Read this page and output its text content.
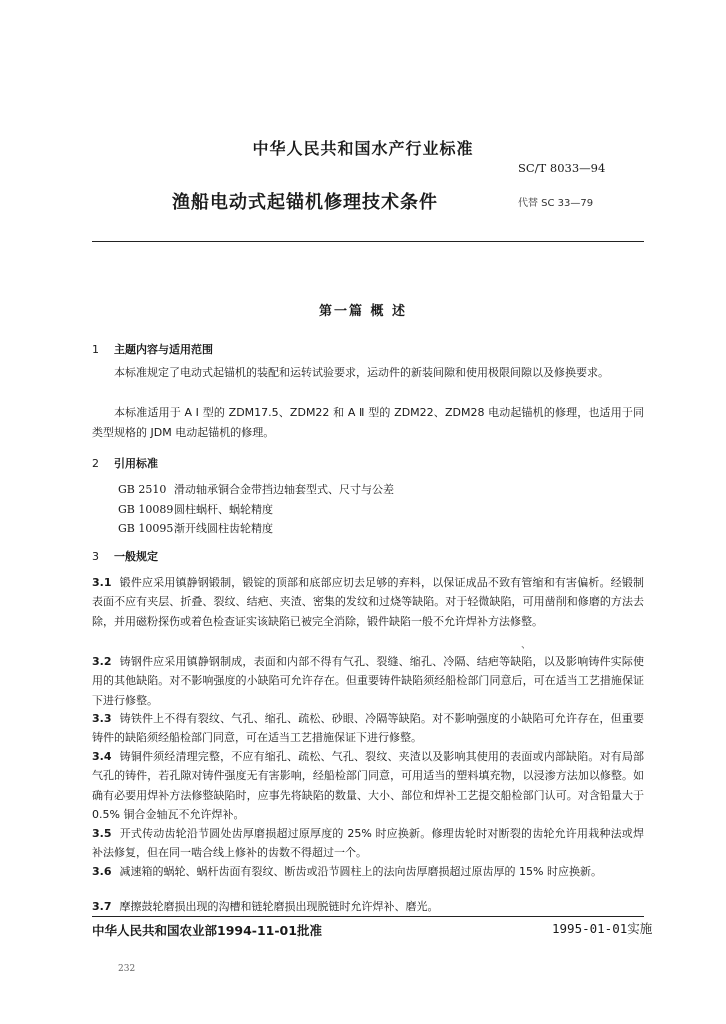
中华人民共和国水产行业标准
SC/T 8033—94
渔船电动式起锚机修理技术条件	代替 SC 33—79
第一篇 概 述
1 主题内容与适用范围
本标准规定了电动式起锚机的装配和运转试验要求，运动件的新装间隙和使用极限间隙以及修换要求。
本标准适用于 A Ⅰ 型的 ZDM17.5、ZDM22 和 A Ⅱ 型的 ZDM22、ZDM28 电动起锚机的修理，也适用于同类型规格的 JDM 电动起锚机的修理。
2 引用标准
GB 2510 滑动轴承铜合金带挡边轴套型式、尺寸与公差
GB 10089圆柱蜗杆、蜗轮精度
GB 10095渐开线圆柱齿轮精度
3 一般规定
3.1 锻件应采用镇静钢锻制，锻锭的顶部和底部应切去足够的弃料，以保证成品不致有管缩和有害偏析。经锻制表面不应有夹层、折叠、裂纹、结疤、夹渣、密集的发纹和过烧等缺陷。对于轻微缺陷，可用凿削和修磨的方法去除，并用磁粉探伤或着色检查证实该缺陷已被完全消除，锻件缺陷一般不允许焊补方法修整。
、
3.2 铸钢件应采用镇静钢制成，表面和内部不得有气孔、裂缝、缩孔、冷隔、结疤等缺陷，以及影响铸件实际使用的其他缺陷。对不影响强度的小缺陷可允许存在。但重要铸件缺陷须经船检部门同意后，可在适当工艺措施保证下进行修整。
3.3 铸铁件上不得有裂纹、气孔、缩孔、疏松、砂眼、冷隔等缺陷。对不影响强度的小缺陷可允许存在，但重要铸件的缺陷须经船检部门同意，可在适当工艺措施保证下进行修整。
3.4 铸铜件须经清理完整，不应有缩孔、疏松、气孔、裂纹、夹渣以及影响其使用的表面或内部缺陷。对有局部气孔的铸件，若孔隙对铸件强度无有害影响，经船检部门同意，可用适当的塑料填充物，以浸渗方法加以修整。如确有必要用焊补方法修整缺陷时，应事先将缺陷的数量、大小、部位和焊补工艺提交船检部门认可。对含铅量大于 0.5% 铜合金轴瓦不允许焊补。
3.5 开式传动齿轮沿节圆处齿厚磨损超过原厚度的 25% 时应换新。修理齿轮时对断裂的齿轮允许用栽种法或焊补法修复，但在同一啮合线上修补的齿数不得超过一个。
3.6 减速箱的蜗轮、蜗杆齿面有裂纹、断齿或沿节圆柱上的法向齿厚磨损超过原齿厚的 15% 时应换新。
3.7 摩擦鼓轮磨损出现的沟槽和链轮磨损出现脱链时允许焊补、磨光。
中华人民共和国农业部1994-11-01批准	1995-01-01实施
232
